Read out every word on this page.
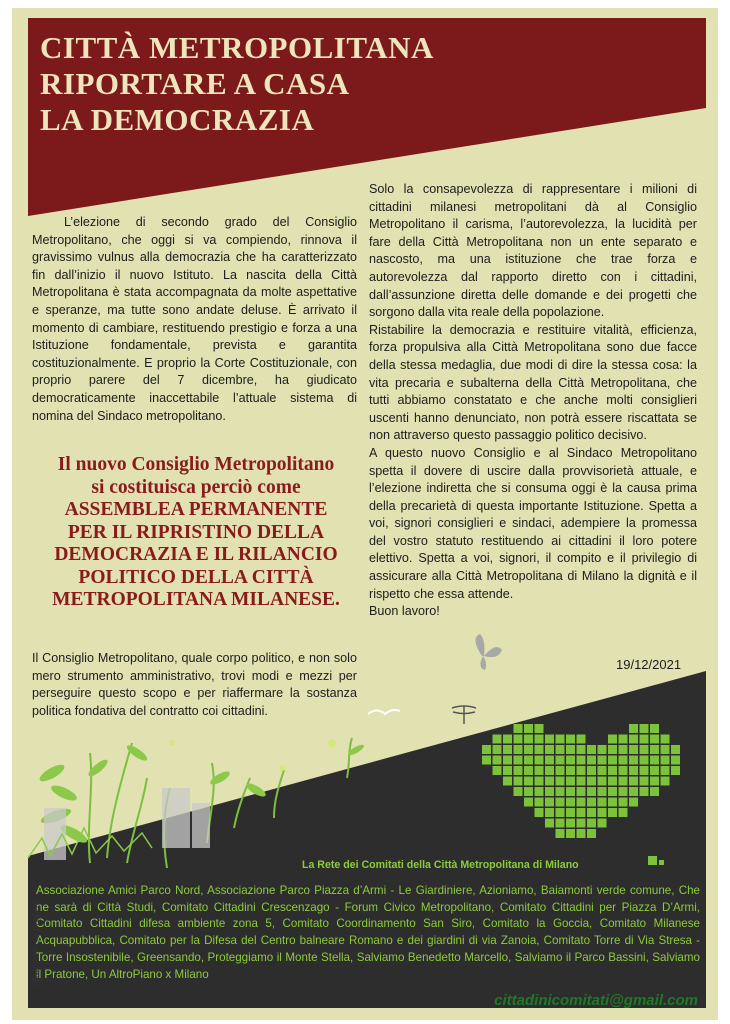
CITTÀ METROPOLITANA
RIPORTARE A CASA
LA DEMOCRAZIA
L’elezione di secondo grado del Consiglio Metropolitano, che oggi si va compiendo, rinnova il gravissimo vulnus alla democrazia che ha caratterizzato fin dall’inizio il nuovo Istituto. La nascita della Città Metropolitana è stata accompagnata da molte aspettative e speranze, ma tutte sono andate deluse. È arrivato il momento di cambiare, restituendo prestigio e forza a una Istituzione fondamentale, prevista e garantita costituzionalmente. E proprio la Corte Costituzionale, con proprio parere del 7 dicembre, ha giudicato democraticamente inaccettabile l’attuale sistema di nomina del Sindaco metropolitano.
Il nuovo Consiglio Metropolitano
si costituisca perciò come
ASSEMBLEA PERMANENTE
PER IL RIPRISTINO DELLA
DEMOCRAZIA E IL RILANCIO
POLITICO DELLA CITTÀ
METROPOLITANA MILANESE.
Il Consiglio Metropolitano, quale corpo politico, e non solo mero strumento amministrativo, trovi modi e mezzi per perseguire questo scopo e per riaffermare la sostanza politica fondativa del contratto coi cittadini.

Solo la consapevolezza di rappresentare i milioni di cittadini milanesi metropolitani dà al Consiglio Metropolitano il carisma, l’autorevolezza, la lucidità per fare della Città Metropolitana non un ente separato e nascosto, ma una istituzione che trae forza e autorevolezza dal rapporto diretto con i cittadini, dall’assunzione diretta delle domande e dei progetti che sorgono dalla vita reale della popolazione.

Ristabilire la democrazia e restituire vitalità, efficienza, forza propulsiva alla Città Metropolitana sono due facce della stessa medaglia, due modi di dire la stessa cosa: la vita precaria e subalterna della Città Metropolitana, che tutti abbiamo constatato e che anche molti consiglieri uscenti hanno denunciato, non potrà essere riscattata se non attraverso questo passaggio politico decisivo.

A questo nuovo Consiglio e al Sindaco Metropolitano spetta il dovere di uscire dalla provvisorietà attuale, e l’elezione indiretta che si consuma oggi è la causa prima della precarietà di questa importante Istituzione. Spetta a voi, signori consiglieri e sindaci, adempiere la promessa del vostro statuto restituendo ai cittadini il loro potere elettivo. Spetta a voi, signori, il compito e il privilegio di assicurare alla Città Metropolitana di Milano la dignità e il rispetto che essa attende.

Buon lavoro!

19/12/2021
La Rete dei Comitati della Città Metropolitana di Milano
Associazione Amici Parco Nord, Associazione Parco Piazza d’Armi - Le Giardiniere, Azioniamo, Baiamonti verde comune, Che ne sarà di Città Studi, Comitato Cittadini Crescenzago - Forum Civico Metropolitano, Comitato Cittadini per Piazza D’Armi, Comitato Cittadini difesa ambiente zona 5, Comitato Coordinamento San Siro, Comitato la Goccia, Comitato Milanese Acquapubblica, Comitato per la Difesa del Centro balneare Romano e dei giardini di via Zanoia, Comitato Torre di Via Stresa - Torre Insostenibile, Greensando, Proteggiamo il Monte Stella, Salviamo Benedetto Marcello, Salviamo il Parco Bassini, Salviamo il Pratone, Un AltroPiano x Milano
Stampato in proprio
cittadinicomitati@gmail.com
